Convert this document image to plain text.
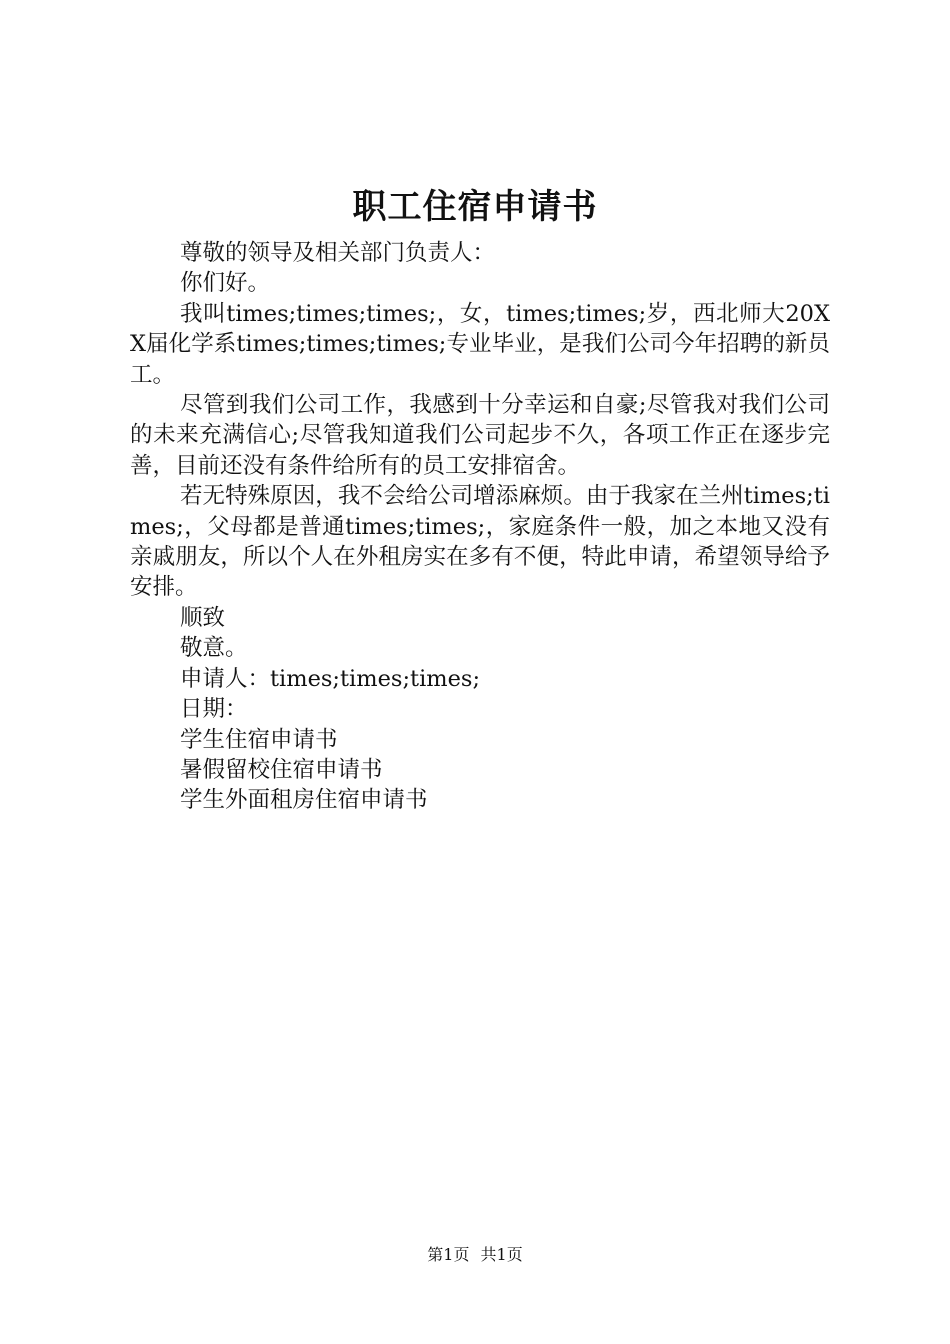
职工住宿申请书

尊敬的领导及相关部门负责人：

你们好。

我叫times;times;times;，女，times;times;岁，西北师大20XX届化学系times;times;times;专业毕业，是我们公司今年招聘的新员工。

尽管到我们公司工作，我感到十分幸运和自豪;尽管我对我们公司的未来充满信心;尽管我知道我们公司起步不久，各项工作正在逐步完善，目前还没有条件给所有的员工安排宿舍。

若无特殊原因，我不会给公司增添麻烦。由于我家在兰州times;times;，父母都是普通times;times;，家庭条件一般，加之本地又没有亲戚朋友，所以个人在外租房实在多有不便，特此申请，希望领导给予安排。

顺致

敬意。

申请人：times;times;times;

日期：

学生住宿申请书

暑假留校住宿申请书

学生外面租房住宿申请书

第1页 共1页
